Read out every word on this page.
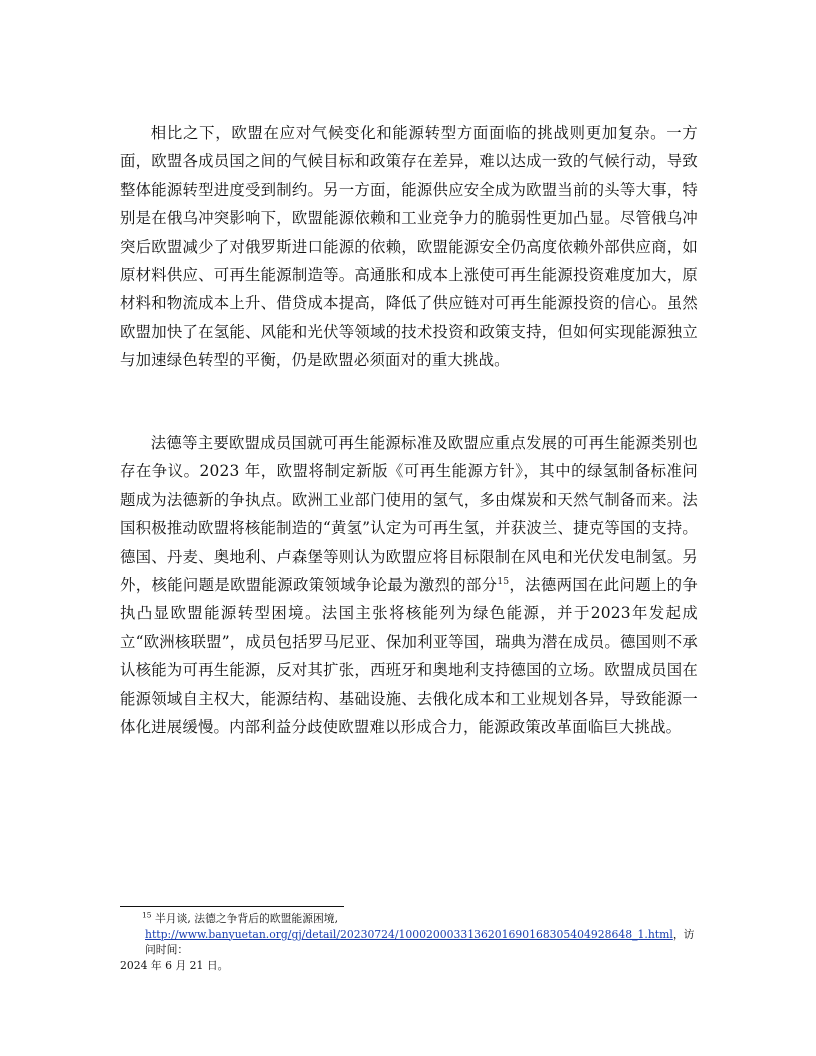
相比之下，欧盟在应对气候变化和能源转型方面面临的挑战则更加复杂。一方面，欧盟各成员国之间的气候目标和政策存在差异，难以达成一致的气候行动，导致整体能源转型进度受到制约。另一方面，能源供应安全成为欧盟当前的头等大事，特别是在俄乌冲突影响下，欧盟能源依赖和工业竞争力的脆弱性更加凸显。尽管俄乌冲突后欧盟减少了对俄罗斯进口能源的依赖，欧盟能源安全仍高度依赖外部供应商，如原材料供应、可再生能源制造等。高通胀和成本上涨使可再生能源投资难度加大，原材料和物流成本上升、借贷成本提高，降低了供应链对可再生能源投资的信心。虽然欧盟加快了在氢能、风能和光伏等领域的技术投资和政策支持，但如何实现能源独立与加速绿色转型的平衡，仍是欧盟必须面对的重大挑战。

法德等主要欧盟成员国就可再生能源标准及欧盟应重点发展的可再生能源类别也存在争议。2023 年，欧盟将制定新版《可再生能源方针》，其中的绿氢制备标准问题成为法德新的争执点。欧洲工业部门使用的氢气，多由煤炭和天然气制备而来。法国积极推动欧盟将核能制造的“黄氢”认定为可再生氢，并获波兰、捷克等国的支持。德国、丹麦、奥地利、卢森堡等则认为欧盟应将目标限制在风电和光伏发电制氢。另外，核能问题是欧盟能源政策领域争论最为激烈的部分$^{15}$，法德两国在此问题上的争执凸显欧盟能源转型困境。法国主张将核能列为绿色能源，并于2023年发起成立“欧洲核联盟”，成员包括罗马尼亚、保加利亚等国，瑞典为潜在成员。德国则不承认核能为可再生能源，反对其扩张，西班牙和奥地利支持德国的立场。欧盟成员国在能源领域自主权大，能源结构、基础设施、去俄化成本和工业规划各异，导致能源一体化进展缓慢。内部利益分歧使欧盟难以形成合力，能源政策改革面临巨大挑战。

$^{15}$ 半月谈, 法德之争背后的欧盟能源困境,
http://www.banyuetan.org/gj/detail/20230724/1000200033136201690168305404928648_1.html，访问时间：
2024 年 6 月 21 日。
